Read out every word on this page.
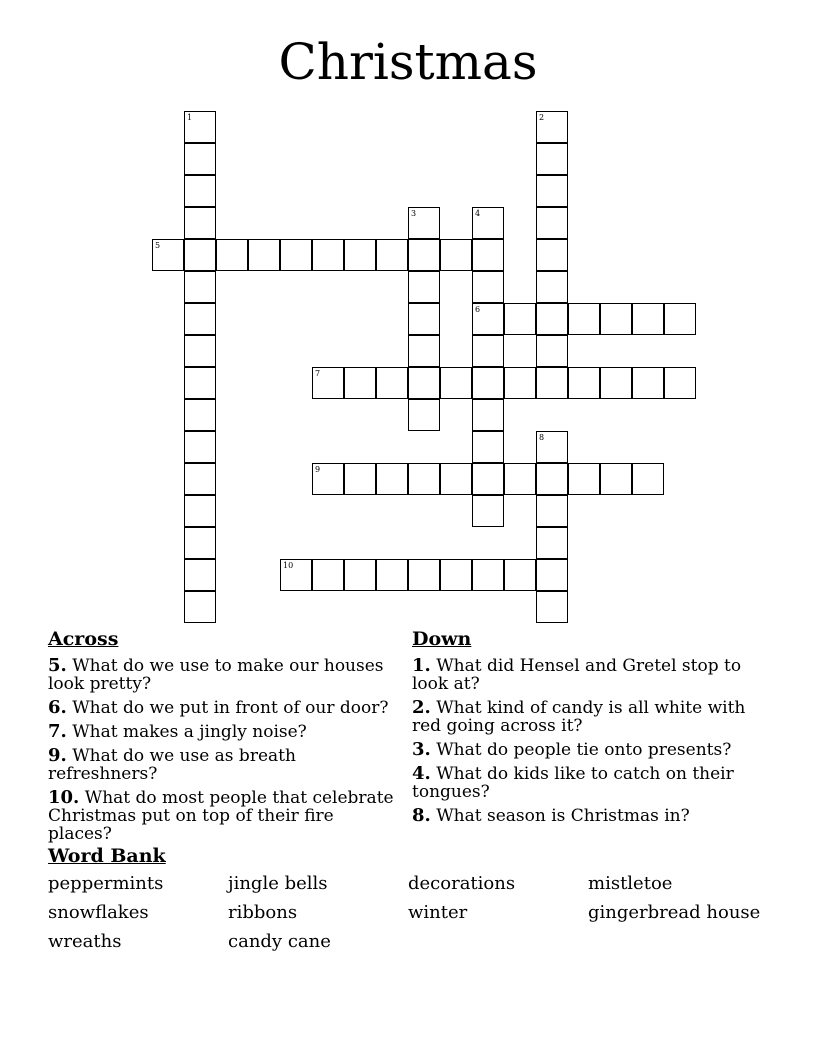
Christmas
1	2
3	4
6
5
7
8
9
10
Across
5. What do we use to make our houses look pretty?
6. What do we put in front of our door?
7. What makes a jingly noise?
9. What do we use as breath refreshners?
10. What do most people that celebrate Christmas put on top of their fire places?
Down
1. What did Hensel and Gretel stop to look at?
2. What kind of candy is all white with red going across it?
3. What do people tie onto presents?
4. What do kids like to catch on their tongues?
8. What season is Christmas in?
Word Bank
peppermints	jingle bells	decorations	mistletoe
snowflakes	ribbons	winter	gingerbread house
wreaths	candy cane
